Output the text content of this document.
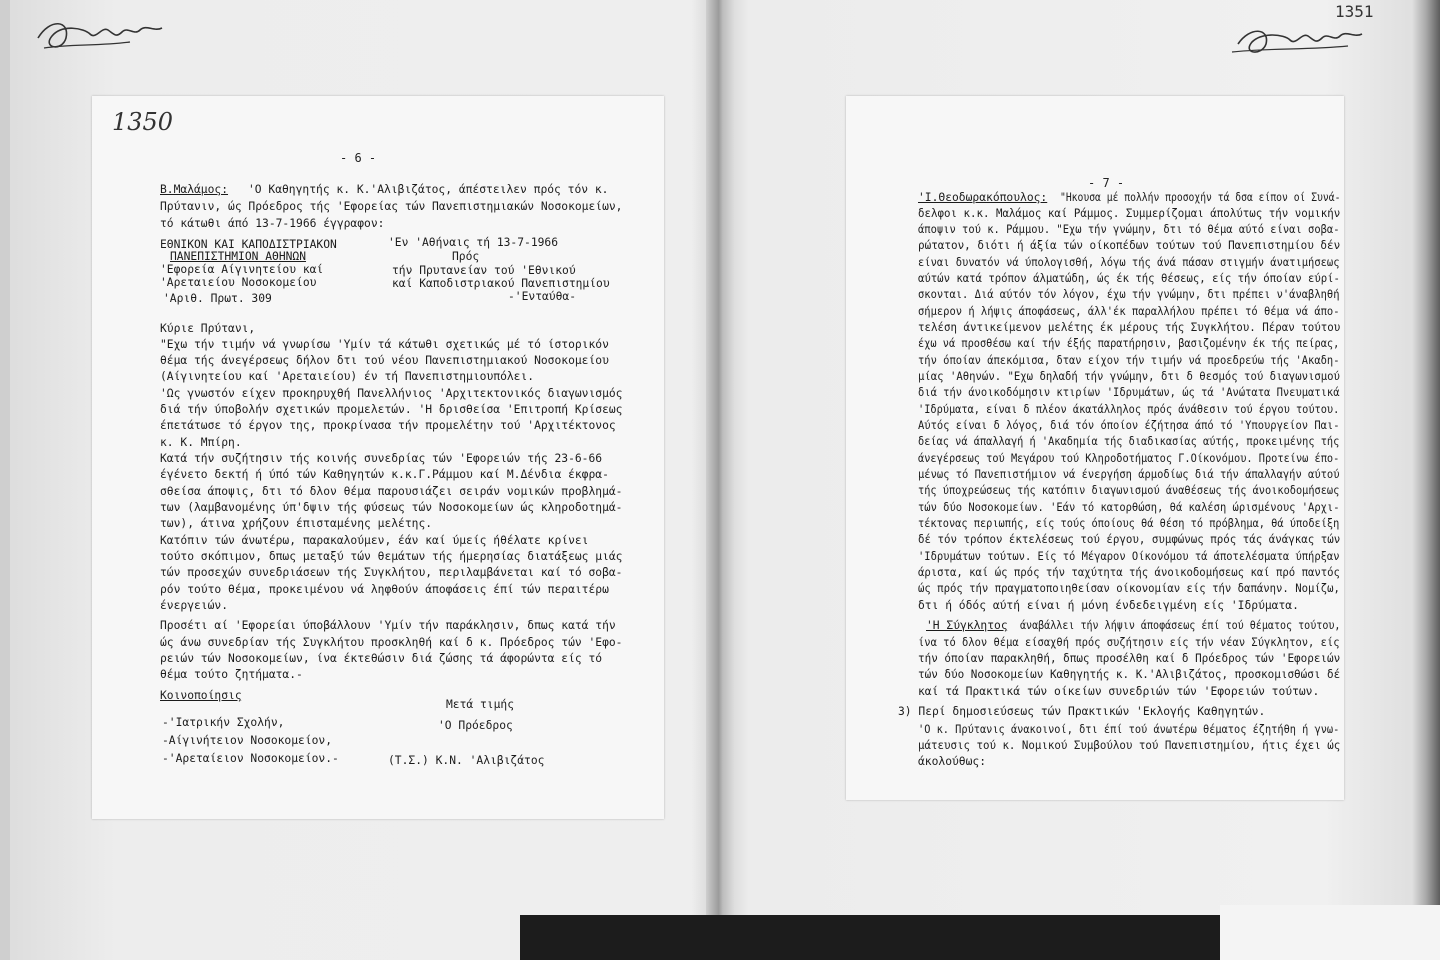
1351
1350
- 6 -
Β.Μαλάμος: 'Ο Καθηγητής κ. Κ.'Αλιβιζάτος, άπέστειλεν πρός τόν κ.
Πρύτανιν, ώς Πρόεδρος τής 'Εφορείας τών Πανεπιστημιακών Νοσοκομείων,
τό κάτωθι άπό 13-7-1966 έγγραφον:
ΕΘΝΙΚΟΝ ΚΑΙ ΚΑΠΟΔΙΣΤΡΙΑΚΟΝ
ΠΑΝΕΠΙΣΤΗΜΙΟΝ ΑΘΗΝΩΝ
'Εφορεία Αίγινητείου καί
'Αρεταιείου Νοσοκομείου
'Αριθ. Πρωτ. 309
'Εν 'Αθήναις τή 13-7-1966
Πρός
τήν Πρυτανείαν τού 'Εθνικού
καί Καποδιστριακού Πανεπιστημίου
-'Ενταύθα-
Κύριε Πρύτανι,
"Εχω τήν τιμήν νά γνωρίσω 'Υμίν τά κάτωθι σχετικώς μέ τό ίστορικόν
θέμα τής άνεγέρσεως δήλον δτι τού νέου Πανεπιστημιακού Νοσοκομείου
(Αίγινητείου καί 'Αρεταιείου) έν τή Πανεπιστημιουπόλει.
'Ως γνωστόν είχεν προκηρυχθή Πανελλήνιος 'Αρχιτεκτονικός διαγωνισμός
διά τήν ύποβολήν σχετικών προμελετών. 'Η δρισθείσα 'Επιτροπή Κρίσεως
έπετάτωσε τό έργον της, προκρίνασα τήν προμελέτην τού 'Αρχιτέκτονος
κ. Κ. Μπίρη.
Κατά τήν συζήτησιν τής κοινής συνεδρίας τών 'Εφορειών τής 23-6-66
έγένετο δεκτή ή ύπό τών Καθηγητών κ.κ.Γ.Ράμμου καί Μ.Δένδια έκφρα-
σθείσα άποψις, δτι τό δλον θέμα παρουσιάζει σειράν νομικών προβλημά-
των (λαμβανομένης ύπ'δψιν τής φύσεως τών Νοσοκομείων ώς κληροδοτημά-
των), άτινα χρήζουν έπισταμένης μελέτης.
Κατόπιν τών άνωτέρω, παρακαλούμεν, έάν καί ύμείς ήθέλατε κρίνει
τούτο σκόπιμον, δπως μεταξύ τών θεμάτων τής ήμερησίας διατάξεως μιάς
τών προσεχών συνεδριάσεων τής Συγκλήτου, περιλαμβάνεται καί τό σοβα-
ρόν τούτο θέμα, προκειμένου νά ληφθούν άποφάσεις έπί τών περαιτέρω
ένεργειών.
Προσέτι αί 'Εφορείαι ύποβάλλουν 'Υμίν τήν παράκλησιν, δπως κατά τήν
ώς άνω συνεδρίαν τής Συγκλήτου προσκληθή καί δ κ. Πρόεδρος τών 'Εφο-
ρειών τών Νοσοκομείων, ίνα έκτεθώσιν διά ζώσης τά άφορώντα είς τό
θέμα τούτο ζητήματα.-
Κοινοποίησις
-'Ιατρικήν Σχολήν,
-Αίγινήτειον Νοσοκομείον,
-'Αρεταίειον Νοσοκομείον.-
Μετά τιμής
'Ο Πρόεδρος
(Τ.Σ.) Κ.Ν. 'Αλιβιζάτος
- 7 -
'Ι.Θεοδωρακόπουλος: "Ηκουσα μέ πολλήν προσοχήν τά δσα είπον οί Συνά-
δελφοι κ.κ. Μαλάμος καί Ράμμος. Συμμερίζομαι άπολύτως τήν νομικήν
άποψιν τού κ. Ράμμου. "Εχω τήν γνώμην, δτι τό θέμα αύτό είναι σοβα-
ρώτατον, διότι ή άξία τών οίκοπέδων τούτων τού Πανεπιστημίου δέν
είναι δυνατόν νά ύπολογισθή, λόγω τής άνά πάσαν στιγμήν άνατιμήσεως
αύτών κατά τρόπον άλματώδη, ώς έκ τής θέσεως, είς τήν όποίαν εύρί-
σκονται. Διά αύτόν τόν λόγον, έχω τήν γνώμην, δτι πρέπει ν'άναβληθή
σήμερον ή λήψις άποφάσεως, άλλ'έκ παραλλήλου πρέπει τό θέμα νά άπο-
τελέση άντικείμενον μελέτης έκ μέρους τής Συγκλήτου. Πέραν τούτου
έχω νά προσθέσω καί τήν έξής παρατήρησιν, βασιζομένην έκ τής πείρας,
τήν όποίαν άπεκόμισα, δταν είχον τήν τιμήν νά προεδρεύω τής 'Ακαδη-
μίας 'Αθηνών. "Εχω δηλαδή τήν γνώμην, δτι δ θεσμός τού διαγωνισμού
διά τήν άνοικοδόμησιν κτιρίων 'Ιδρυμάτων, ώς τά 'Ανώτατα Πνευματικά
'Ιδρύματα, είναι δ πλέον άκατάλληλος πρός άνάθεσιν τού έργου τούτου.
Αύτός είναι δ λόγος, διά τόν όποίον έζήτησα άπό τό 'Υπουργείον Παι-
δείας νά άπαλλαγή ή 'Ακαδημία τής διαδικασίας αύτής, προκειμένης τής
άνεγέρσεως τού Μεγάρου τού Κληροδοτήματος Γ.Οίκονόμου. Προτείνω έπο-
μένως τό Πανεπιστήμιον νά ένεργήση άρμοδίως διά τήν άπαλλαγήν αύτού
τής ύποχρεώσεως τής κατόπιν διαγωνισμού άναθέσεως τής άνοικοδομήσεως
τών δύο Νοσοκομείων. 'Εάν τό κατορθώση, θά καλέση ώρισμένους 'Αρχι-
τέκτονας περιωπής, είς τούς όποίους θά θέση τό πρόβλημα, θά ύποδείξη
δέ τόν τρόπον έκτελέσεως τού έργου, συμφώνως πρός τάς άνάγκας τών
'Ιδρυμάτων τούτων. Είς τό Μέγαρον Οίκονόμου τά άποτελέσματα ύπήρξαν
άριστα, καί ώς πρός τήν ταχύτητα τής άνοικοδομήσεως καί πρό παντός
ώς πρός τήν πραγματοποιηθείσαν οίκονομίαν είς τήν δαπάνην. Νομίζω,
δτι ή όδός αύτή είναι ή μόνη ένδεδειγμένη είς 'Ιδρύματα.
'Η Σύγκλητος άναβάλλει τήν λήψιν άποφάσεως έπί τού θέματος τούτου,
ίνα τό δλον θέμα είσαχθή πρός συζήτησιν είς τήν νέαν Σύγκλητον, είς
τήν όποίαν παρακληθή, δπως προσέλθη καί δ Πρόεδρος τών 'Εφορειών
τών δύο Νοσοκομείων Καθηγητής κ. Κ.'Αλιβιζάτος, προσκομισθώσι δέ
καί τά Πρακτικά τών οίκείων συνεδριών τών 'Εφορειών τούτων.
3) Περί δημοσιεύσεως τών Πρακτικών 'Εκλογής Καθηγητών.
'Ο κ. Πρύτανις άνακοινοί, δτι έπί τού άνωτέρω θέματος έζητήθη ή γνω-
μάτευσις τού κ. Νομικού Συμβούλου τού Πανεπιστημίου, ήτις έχει ώς
άκολούθως:
